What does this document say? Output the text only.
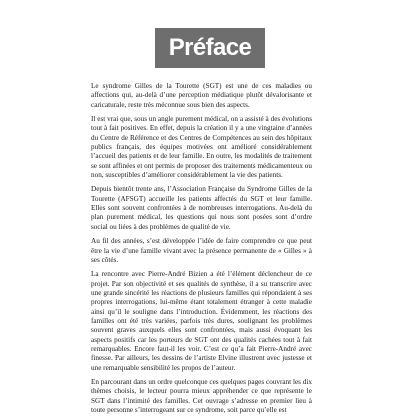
Préface

Le syndrome Gilles de la Tourette (SGT) est une de ces maladies ou affections qui, au-delà d’une perception médiatique plutôt dévalorisante et caricaturale, reste très méconnue sous bien des aspects.

Il est vrai que, sous un angle purement médical, on a assisté à des évolutions tout à fait positives. En effet, depuis la création il y a une vingtaine d’années du Centre de Référence et des Centres de Compétences au sein des hôpitaux publics français, des équipes motivées ont amélioré considérablement l’accueil des patients et de leur famille. En outre, les modalités de traitement se sont affinées et ont permis de proposer des traitements médicamenteux ou non, susceptibles d’améliorer considérablement la vie des patients.

Depuis bientôt trente ans, l’Association Française du Syndrome Gilles de la Tourette (AFSGT) accueille les patients affectés du SGT et leur famille. Elles sont souvent confrontées à de nombreuses interrogations. Au-delà du plan purement médical, les questions qui nous sont posées sont d’ordre social ou liées à des problèmes de qualité de vie.

Au fil des années, s’est développée l’idée de faire comprendre ce que peut être la vie d’une famille vivant avec la présence permanente de « Gilles » à ses côtés.

La rencontre avec Pierre-André Bizien a été l’élément déclencheur de ce projet. Par son objectivité et ses qualités de synthèse, il a su transcrire avec une grande sincérité les réactions de plusieurs familles qui répondaient à ses propres interrogations, lui-même étant totalement étranger à cette maladie ainsi qu’il le souligne dans l’introduction. Évidemment, les réactions des familles ont été très variées, parfois très dures, soulignant les problèmes souvent graves auxquels elles sont confrontées, mais aussi évoquant les aspects positifs car les porteurs de SGT ont des qualités cachées tout à fait remarquables. Encore faut-il les voir. C’est ce qu’a fait Pierre-André avec finesse. Par ailleurs, les dessins de l’artiste Elvine illustrent avec justesse et une remarquable sensibilité les propos de l’auteur.

En parcourant dans un ordre quelconque ces quelques pages couvrant les dix thèmes choisis, le lecteur pourra mieux appréhender ce que représente le SGT dans l’intimité des familles. Cet ouvrage s’adresse en premier lieu à toute personne s’interrogeant sur ce syndrome, soit parce qu’elle est
